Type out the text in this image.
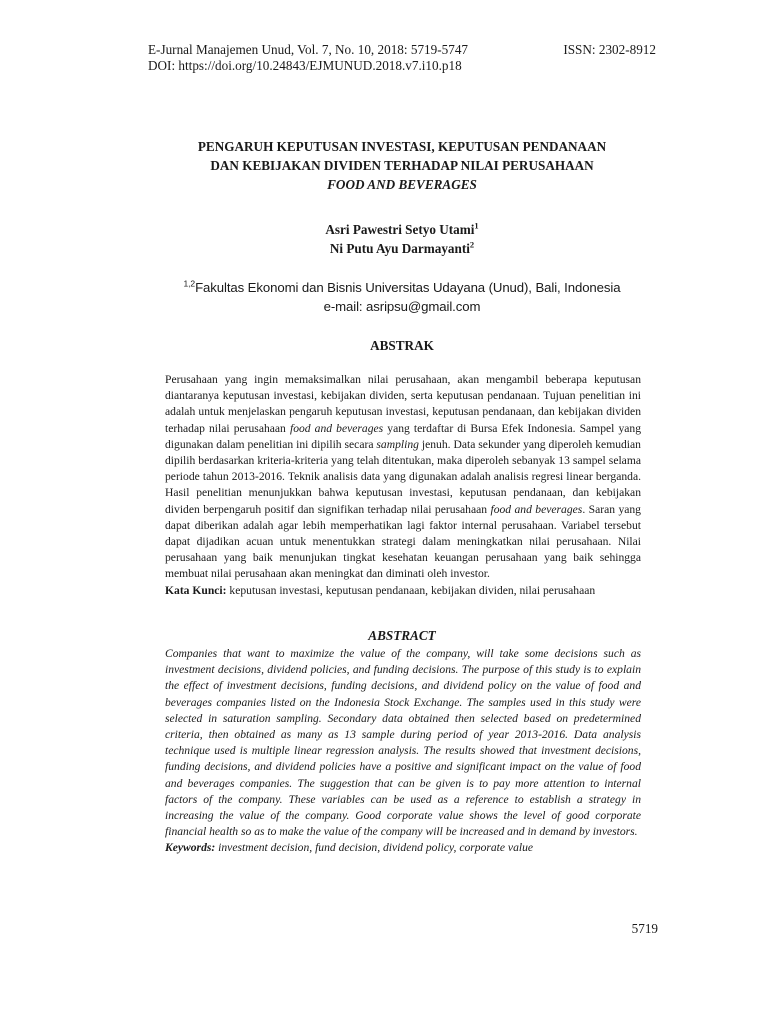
E-Jurnal Manajemen Unud, Vol. 7, No. 10, 2018: 5719-5747	ISSN: 2302-8912
DOI: https://doi.org/10.24843/EJMUNUD.2018.v7.i10.p18
PENGARUH KEPUTUSAN INVESTASI, KEPUTUSAN PENDANAAN
DAN KEBIJAKAN DIVIDEN TERHADAP NILAI PERUSAHAAN
FOOD AND BEVERAGES
Asri Pawestri Setyo Utami$^1$
Ni Putu Ayu Darmayanti$^2$
$^{1,2}$Fakultas Ekonomi dan Bisnis Universitas Udayana (Unud), Bali, Indonesia
e-mail: asripsu@gmail.com
ABSTRAK
Perusahaan yang ingin memaksimalkan nilai perusahaan, akan mengambil beberapa keputusan diantaranya keputusan investasi, kebijakan dividen, serta keputusan pendanaan. Tujuan penelitian ini adalah untuk menjelaskan pengaruh keputusan investasi, keputusan pendanaan, dan kebijakan dividen terhadap nilai perusahaan food and beverages yang terdaftar di Bursa Efek Indonesia. Sampel yang digunakan dalam penelitian ini dipilih secara sampling jenuh. Data sekunder yang diperoleh kemudian dipilih berdasarkan kriteria-kriteria yang telah ditentukan, maka diperoleh sebanyak 13 sampel selama periode tahun 2013-2016. Teknik analisis data yang digunakan adalah analisis regresi linear berganda. Hasil penelitian menunjukkan bahwa keputusan investasi, keputusan pendanaan, dan kebijakan dividen berpengaruh positif dan signifikan terhadap nilai perusahaan food and beverages. Saran yang dapat diberikan adalah agar lebih memperhatikan lagi faktor internal perusahaan. Variabel tersebut dapat dijadikan acuan untuk menentukkan strategi dalam meningkatkan nilai perusahaan. Nilai perusahaan yang baik menunjukan tingkat kesehatan keuangan perusahaan yang baik sehingga membuat nilai perusahaan akan meningkat dan diminati oleh investor.
Kata Kunci: keputusan investasi, keputusan pendanaan, kebijakan dividen, nilai perusahaan
ABSTRACT
Companies that want to maximize the value of the company, will take some decisions such as investment decisions, dividend policies, and funding decisions. The purpose of this study is to explain the effect of investment decisions, funding decisions, and dividend policy on the value of food and beverages companies listed on the Indonesia Stock Exchange. The samples used in this study were selected in saturation sampling. Secondary data obtained then selected based on predetermined criteria, then obtained as many as 13 sample during period of year 2013-2016. Data analysis technique used is multiple linear regression analysis. The results showed that investment decisions, funding decisions, and dividend policies have a positive and significant impact on the value of food and beverages companies. The suggestion that can be given is to pay more attention to internal factors of the company. These variables can be used as a reference to establish a strategy in increasing the value of the company. Good corporate value shows the level of good corporate financial health so as to make the value of the company will be increased and in demand by investors.
Keywords: investment decision, fund decision, dividend policy, corporate value
5719
